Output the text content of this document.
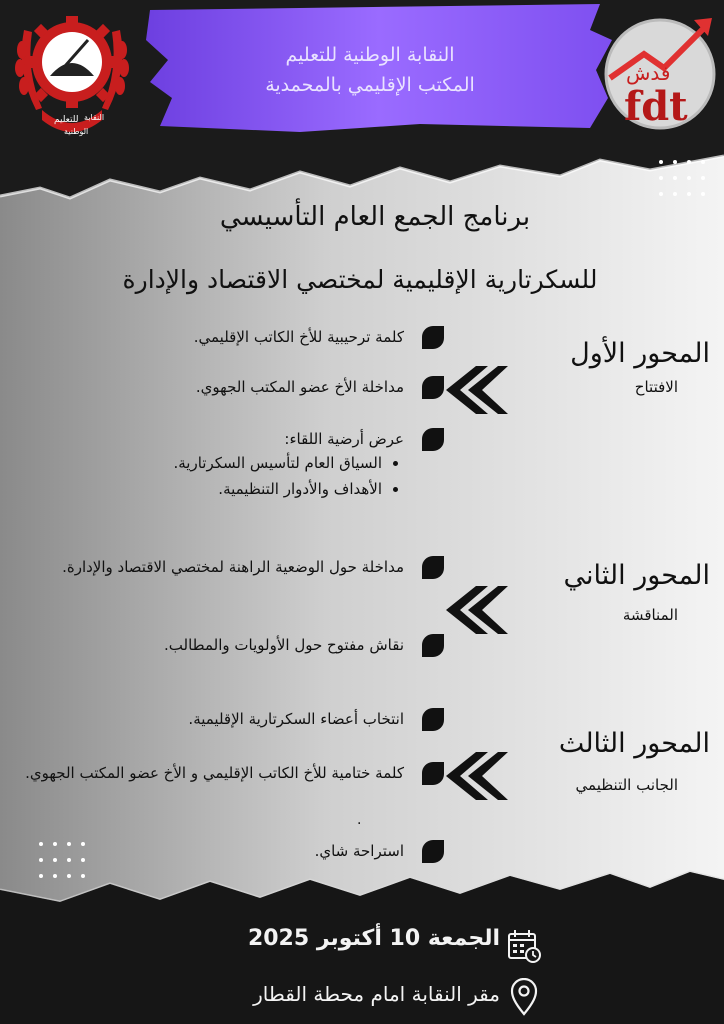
النقابة الوطنية للتعليم
المكتب الإقليمي بالمحمدية
للتعليم النقابة
الوطنية
فدش
fdt
برنامج الجمع العام التأسيسي
للسكرتارية الإقليمية لمختصي الاقتصاد والإدارة
المحور الأول
الافتتاح
كلمة ترحيبية للأخ الكاتب الإقليمي.
مداخلة الأخ عضو المكتب الجهوي.
عرض أرضية اللقاء:
• السياق العام لتأسيس السكرتارية.
• الأهداف والأدوار التنظيمية.
المحور الثاني
المناقشة
مداخلة حول الوضعية الراهنة لمختصي الاقتصاد والإدارة.
نقاش مفتوح حول الأولويات والمطالب.
المحور الثالث
الجانب التنظيمي
انتخاب أعضاء السكرتارية الإقليمية.
كلمة ختامية للأخ الكاتب الإقليمي و الأخ عضو المكتب الجهوي.
.
استراحة شاي.
الجمعة 10 أكتوبر 2025
مقر النقابة امام محطة القطار
